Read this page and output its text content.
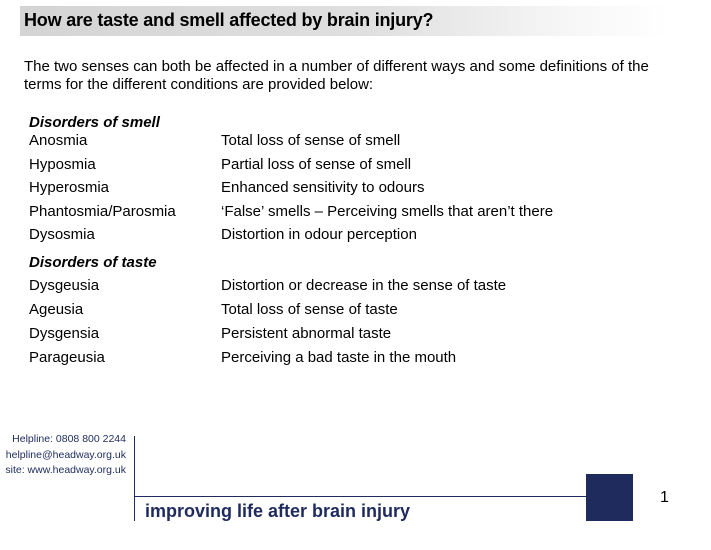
How are taste and smell affected by brain injury?
The two senses can both be affected in a number of different ways and some definitions of the terms for the different conditions are provided below:
Disorders of smell
Anosmia	Total loss of sense of smell
Hyposmia	Partial loss of sense of smell
Hyperosmia	Enhanced sensitivity to odours
Phantosmia/Parosmia	‘False’ smells – Perceiving smells that aren’t there
Dysosmia	Distortion in odour perception
Disorders of taste
Dysgeusia	Distortion or decrease in the sense of taste
Ageusia	Total loss of sense of taste
Dysgensia	Persistent abnormal taste
Parageusia	Perceiving a bad taste in the mouth
Helpline: 0808 800 2244
helpline@headway.org.uk
site: www.headway.org.uk
improving life after brain injury
1
